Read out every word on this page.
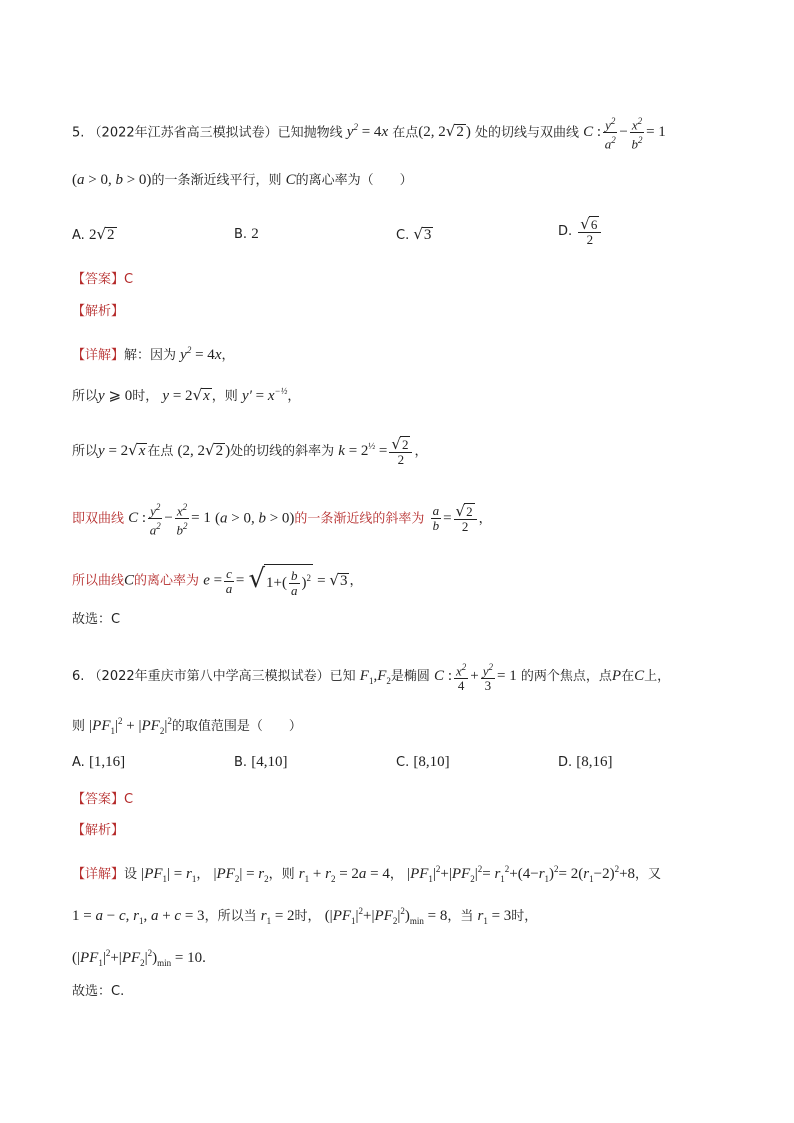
5. （2022年江苏省高三模拟试卷）已知抛物线 $y^2 = 4x$ 在点(2, 2√2 ) 处的切线与双曲线 C : $\frac{y^2}{a^2} - \frac{x^2}{b^2} = 1$
(a > 0, b > 0)的一条渐近线平行，则 C的离心率为（　　）
A. 2√2	B. 2	C. √3	D. $\frac{√6}{2}$
【答案】C
【解析】
【详解】解：因为 $y^2 = 4x$，
所以y ⩾ 0时， y = 2√x ，则 $y' = x^{-\frac{1}{2}}$，
所以y = 2√x 在点 (2, 2√2 )处的切线的斜率为 $k = 2^{\frac{1}{2}} = \frac{√2}{2}$ ，
即双曲线 C : $\frac{y^2}{a^2} - \frac{x^2}{b^2} = 1$ (a > 0, b > 0)的一条渐近线的斜率为 $\frac{a}{b} = \frac{√2}{2}$ ，
所以曲线C的离心率为 $e = \frac{c}{a} = √1+( \frac{b}{a} )^2 = √3$ ，
故选：C
6. （2022年重庆市第八中学高三模拟试卷）已知 $F_1,F_2$是椭圆 C : $\frac{x^2}{4} + \frac{y^2}{3} = 1$ 的两个焦点，点P在C上，
则 $|PF_1|^2 + |PF_2|^2$的取值范围是（　　）
A. [1,16]	B. [4,10]	C. [8,10]	D. [8,16]
【答案】C
【解析】
【详解】设 $|PF_1| = r_1$， $|PF_2| = r_2$，则 $r_1 + r_2 = 2a = 4$， $|PF_1|^2+|PF_2|^2= r_1^2+(4-r_1)^2= 2(r_1-2)^2+8$，又
1 = a − c, $r_1$, a + c = 3，所以当 $r_1 = 2$时， $(|PF_1|^2+|PF_2|^2)_{min} = 8$，当 $r_1 = 3$时，
$(|PF_1|^2+|PF_2|^2)_{min} = 10$.
故选：C.
